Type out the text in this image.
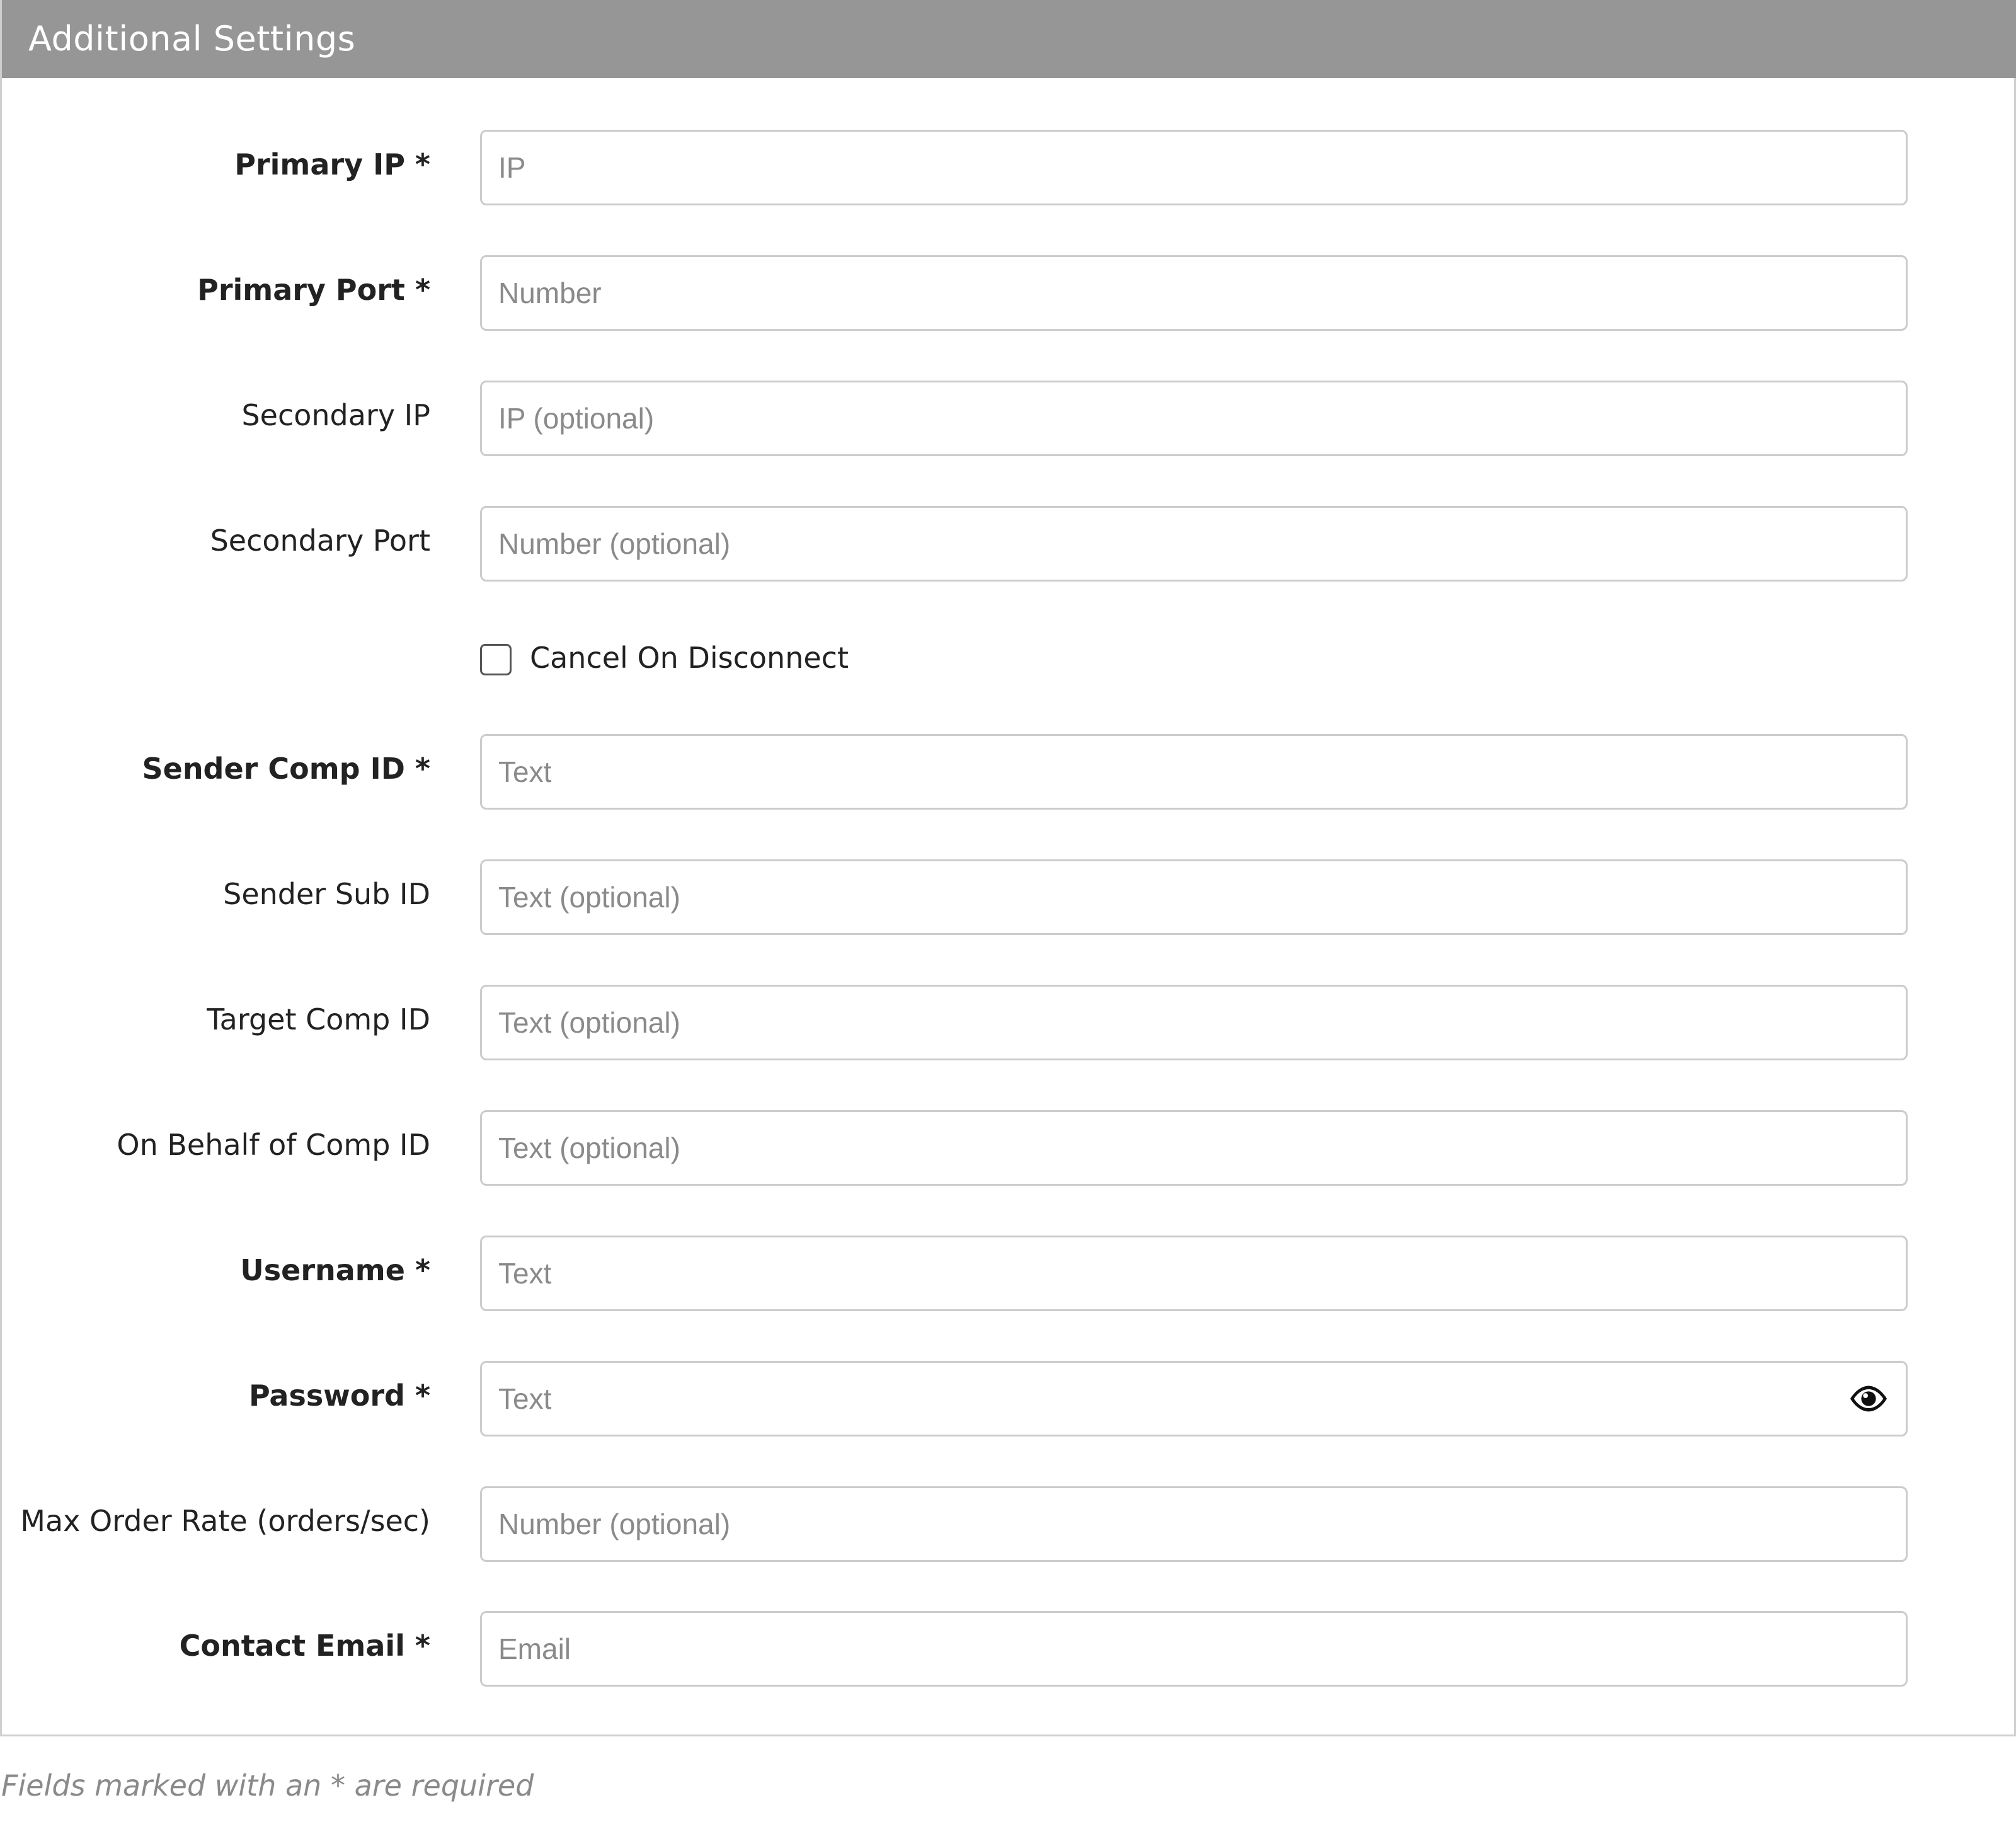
Additional Settings
Primary IP *
IP
Primary Port *
Number
Secondary IP
IP (optional)
Secondary Port
Number (optional)
Cancel On Disconnect
Sender Comp ID *
Text
Sender Sub ID
Text (optional)
Target Comp ID
Text (optional)
On Behalf of Comp ID
Text (optional)
Username *
Text
Password *
Max Order Rate (orders/sec)
Number (optional)
Contact Email *
Email
Fields marked with an * are required
